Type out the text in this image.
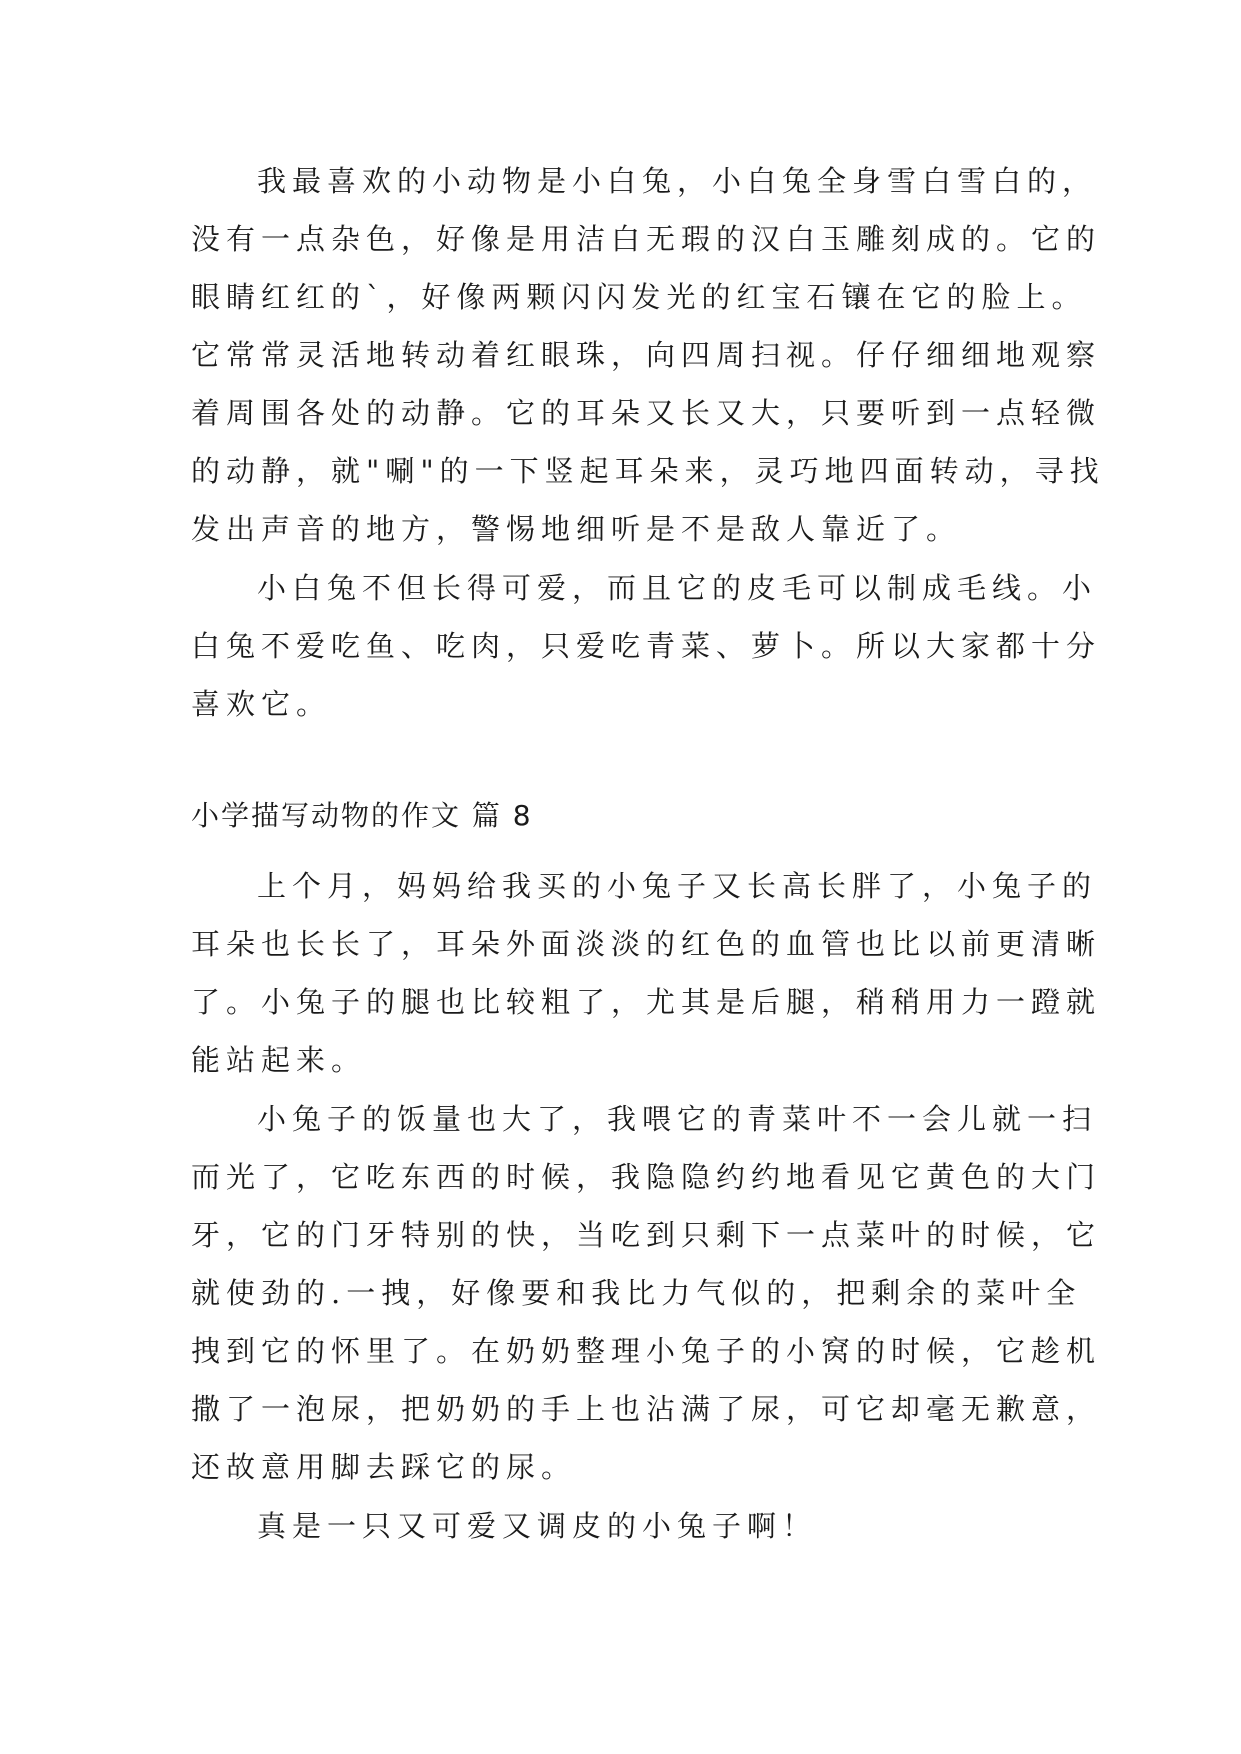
我最喜欢的小动物是小白兔，小白兔全身雪白雪白的，
没有一点杂色，好像是用洁白无瑕的汉白玉雕刻成的。它的
眼睛红红的`，好像两颗闪闪发光的红宝石镶在它的脸上。
它常常灵活地转动着红眼珠，向四周扫视。仔仔细细地观察
着周围各处的动静。它的耳朵又长又大，只要听到一点轻微
的动静，就"唰"的一下竖起耳朵来，灵巧地四面转动，寻找
发出声音的地方，警惕地细听是不是敌人靠近了。
小白兔不但长得可爱，而且它的皮毛可以制成毛线。小
白兔不爱吃鱼、吃肉，只爱吃青菜、萝卜。所以大家都十分
喜欢它。
小学描写动物的作文 篇 8
上个月，妈妈给我买的小兔子又长高长胖了，小兔子的
耳朵也长长了，耳朵外面淡淡的红色的血管也比以前更清晰
了。小兔子的腿也比较粗了，尤其是后腿，稍稍用力一蹬就
能站起来。
小兔子的饭量也大了，我喂它的青菜叶不一会儿就一扫
而光了，它吃东西的时候，我隐隐约约地看见它黄色的大门
牙，它的门牙特别的快，当吃到只剩下一点菜叶的时候，它
就使劲的.一拽，好像要和我比力气似的，把剩余的菜叶全
拽到它的怀里了。在奶奶整理小兔子的小窝的时候，它趁机
撒了一泡尿，把奶奶的手上也沾满了尿，可它却毫无歉意，
还故意用脚去踩它的尿。
真是一只又可爱又调皮的小兔子啊！
